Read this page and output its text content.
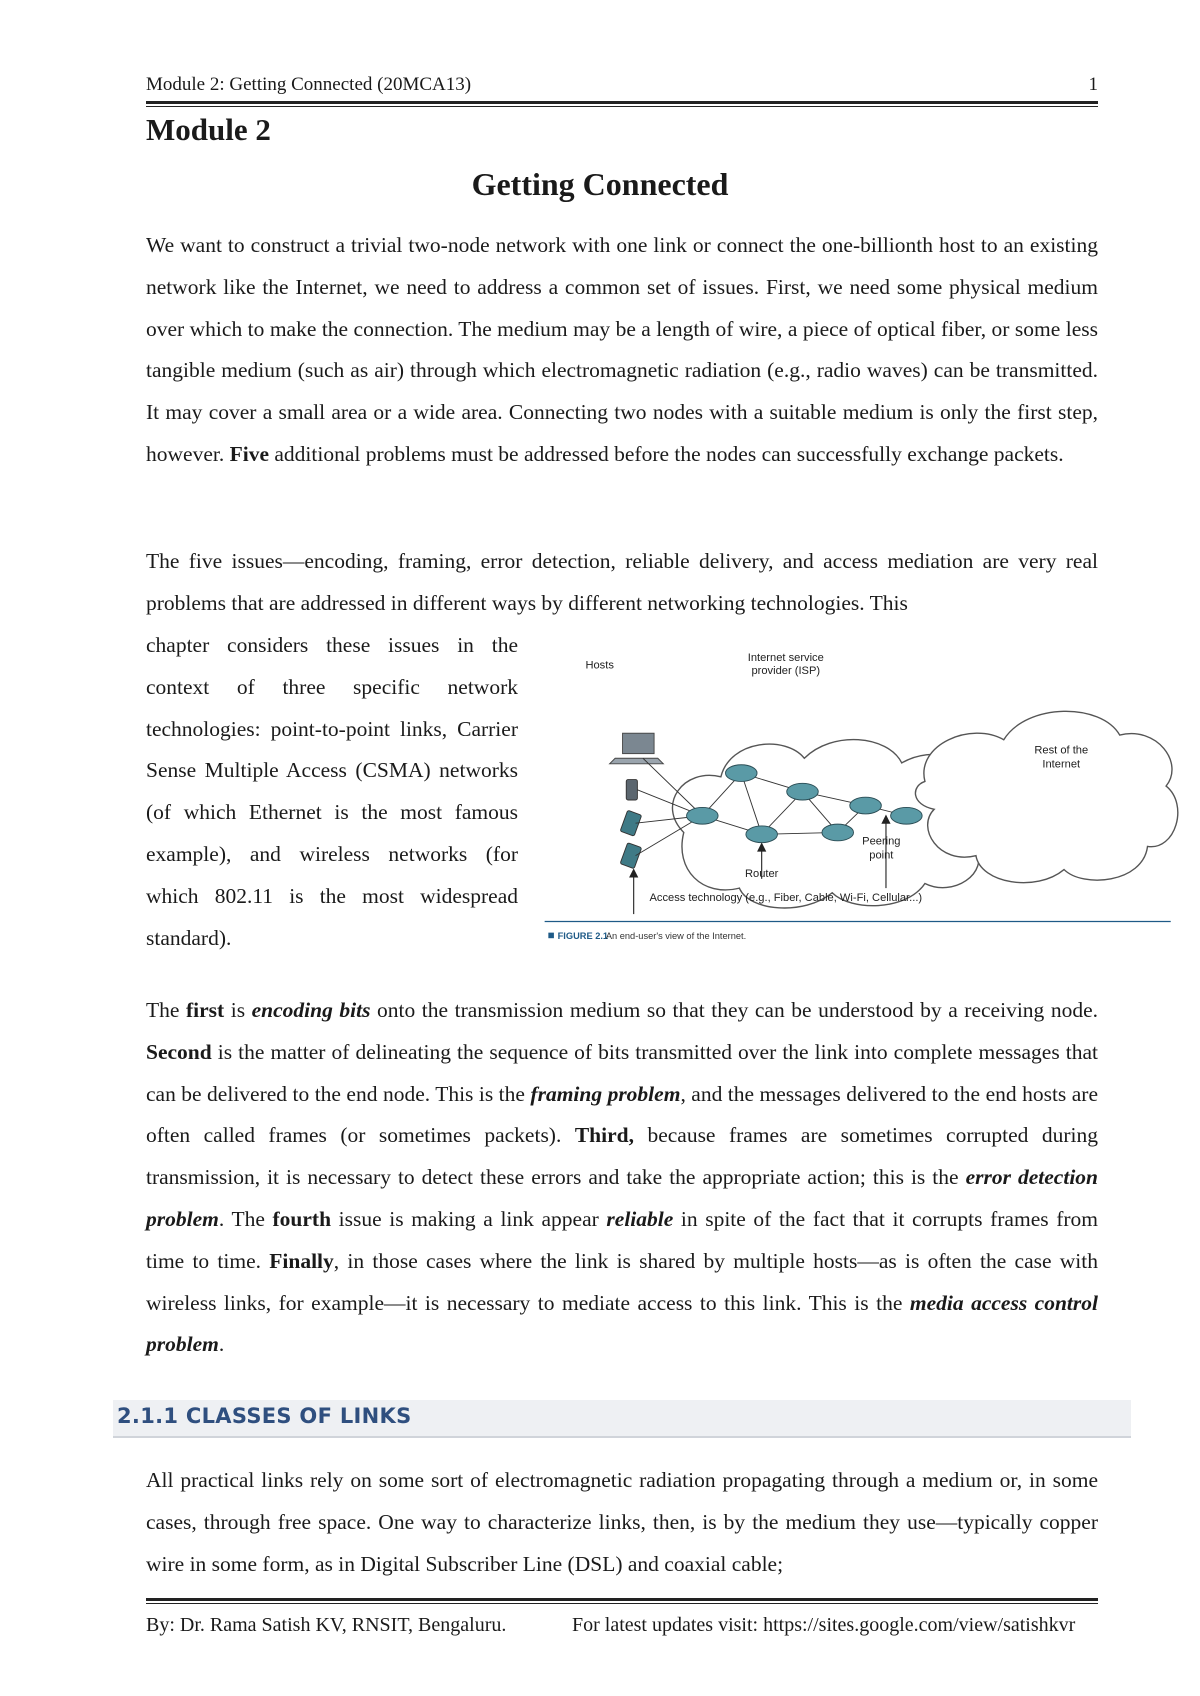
Module 2: Getting Connected (20MCA13)	1
Module 2
Getting Connected

We want to construct a trivial two-node network with one link or connect the one-billionth host to an existing network like the Internet, we need to address a common set of issues. First, we need some physical medium over which to make the connection. The medium may be a length of wire, a piece of optical fiber, or some less tangible medium (such as air) through which electromagnetic radiation (e.g., radio waves) can be transmitted. It may cover a small area or a wide area. Connecting two nodes with a suitable medium is only the first step, however. Five additional problems must be addressed before the nodes can successfully exchange packets.

The five issues—encoding, framing, error detection, reliable delivery, and access mediation are very real problems that are addressed in different ways by different networking technologies. This

chapter considers these issues in the context of three specific network technologies: point-to-point links, Carrier Sense Multiple Access (CSMA) networks (of which Ethernet is the most famous example), and wireless networks (for which 802.11 is the most widespread standard).

Hosts
Internet service
provider (ISP)
Rest of the
Internet
Peering
point
Router
Access technology (e.g., Fiber, Cable, Wi-Fi, Cellular...)
FIGURE 2.1
An end-user's view of the Internet.

The first is encoding bits onto the transmission medium so that they can be understood by a receiving node. Second is the matter of delineating the sequence of bits transmitted over the link into complete messages that can be delivered to the end node. This is the framing problem, and the messages delivered to the end hosts are often called frames (or sometimes packets). Third, because frames are sometimes corrupted during transmission, it is necessary to detect these errors and take the appropriate action; this is the error detection problem. The fourth issue is making a link appear reliable in spite of the fact that it corrupts frames from time to time. Finally, in those cases where the link is shared by multiple hosts—as is often the case with wireless links, for example—it is necessary to mediate access to this link. This is the media access control problem.

2.1.1 CLASSES OF LINKS

All practical links rely on some sort of electromagnetic radiation propagating through a medium or, in some cases, through free space. One way to characterize links, then, is by the medium they use—typically copper wire in some form, as in Digital Subscriber Line (DSL) and coaxial cable;

By: Dr. Rama Satish KV, RNSIT, Bengaluru.	For latest updates visit: https://sites.google.com/view/satishkvr
